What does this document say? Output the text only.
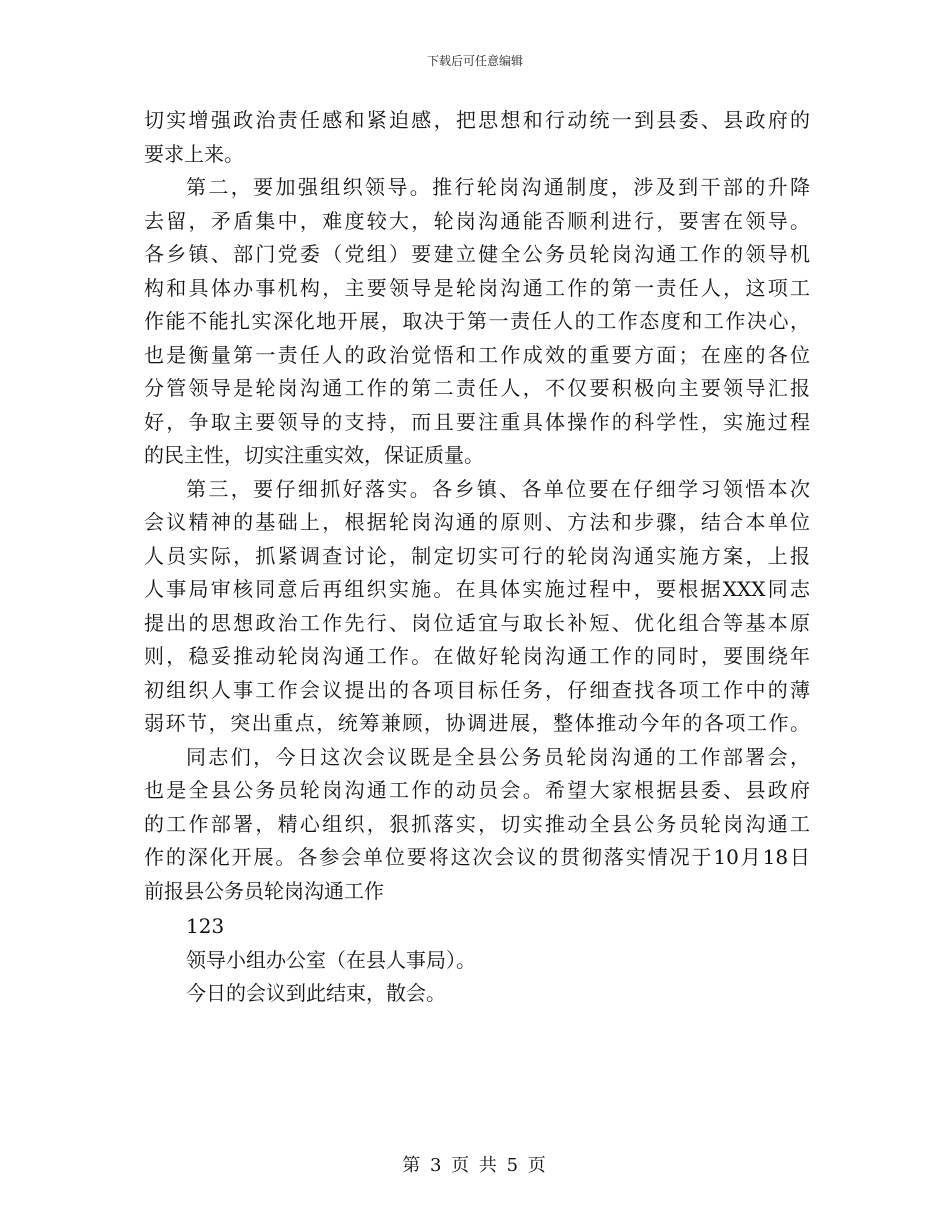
下载后可任意编辑
切实增强政治责任感和紧迫感，把思想和行动统一到县委、县政府的
要求上来。
第二，要加强组织领导。推行轮岗沟通制度，涉及到干部的升降
去留，矛盾集中，难度较大，轮岗沟通能否顺利进行，要害在领导。
各乡镇、部门党委（党组）要建立健全公务员轮岗沟通工作的领导机
构和具体办事机构，主要领导是轮岗沟通工作的第一责任人，这项工
作能不能扎实深化地开展，取决于第一责任人的工作态度和工作决心，
也是衡量第一责任人的政治觉悟和工作成效的重要方面；在座的各位
分管领导是轮岗沟通工作的第二责任人，不仅要积极向主要领导汇报
好，争取主要领导的支持，而且要注重具体操作的科学性，实施过程
的民主性，切实注重实效，保证质量。
第三，要仔细抓好落实。各乡镇、各单位要在仔细学习领悟本次
会议精神的基础上，根据轮岗沟通的原则、方法和步骤，结合本单位
人员实际，抓紧调查讨论，制定切实可行的轮岗沟通实施方案，上报
人事局审核同意后再组织实施。在具体实施过程中，要根据XXX同志
提出的思想政治工作先行、岗位适宜与取长补短、优化组合等基本原
则，稳妥推动轮岗沟通工作。在做好轮岗沟通工作的同时，要围绕年
初组织人事工作会议提出的各项目标任务，仔细查找各项工作中的薄
弱环节，突出重点，统筹兼顾，协调进展，整体推动今年的各项工作。
同志们，今日这次会议既是全县公务员轮岗沟通的工作部署会，
也是全县公务员轮岗沟通工作的动员会。希望大家根据县委、县政府
的工作部署，精心组织，狠抓落实，切实推动全县公务员轮岗沟通工
作的深化开展。各参会单位要将这次会议的贯彻落实情况于10月18日
前报县公务员轮岗沟通工作
123
领导小组办公室（在县人事局）。
今日的会议到此结束，散会。
第 3 页 共 5 页
